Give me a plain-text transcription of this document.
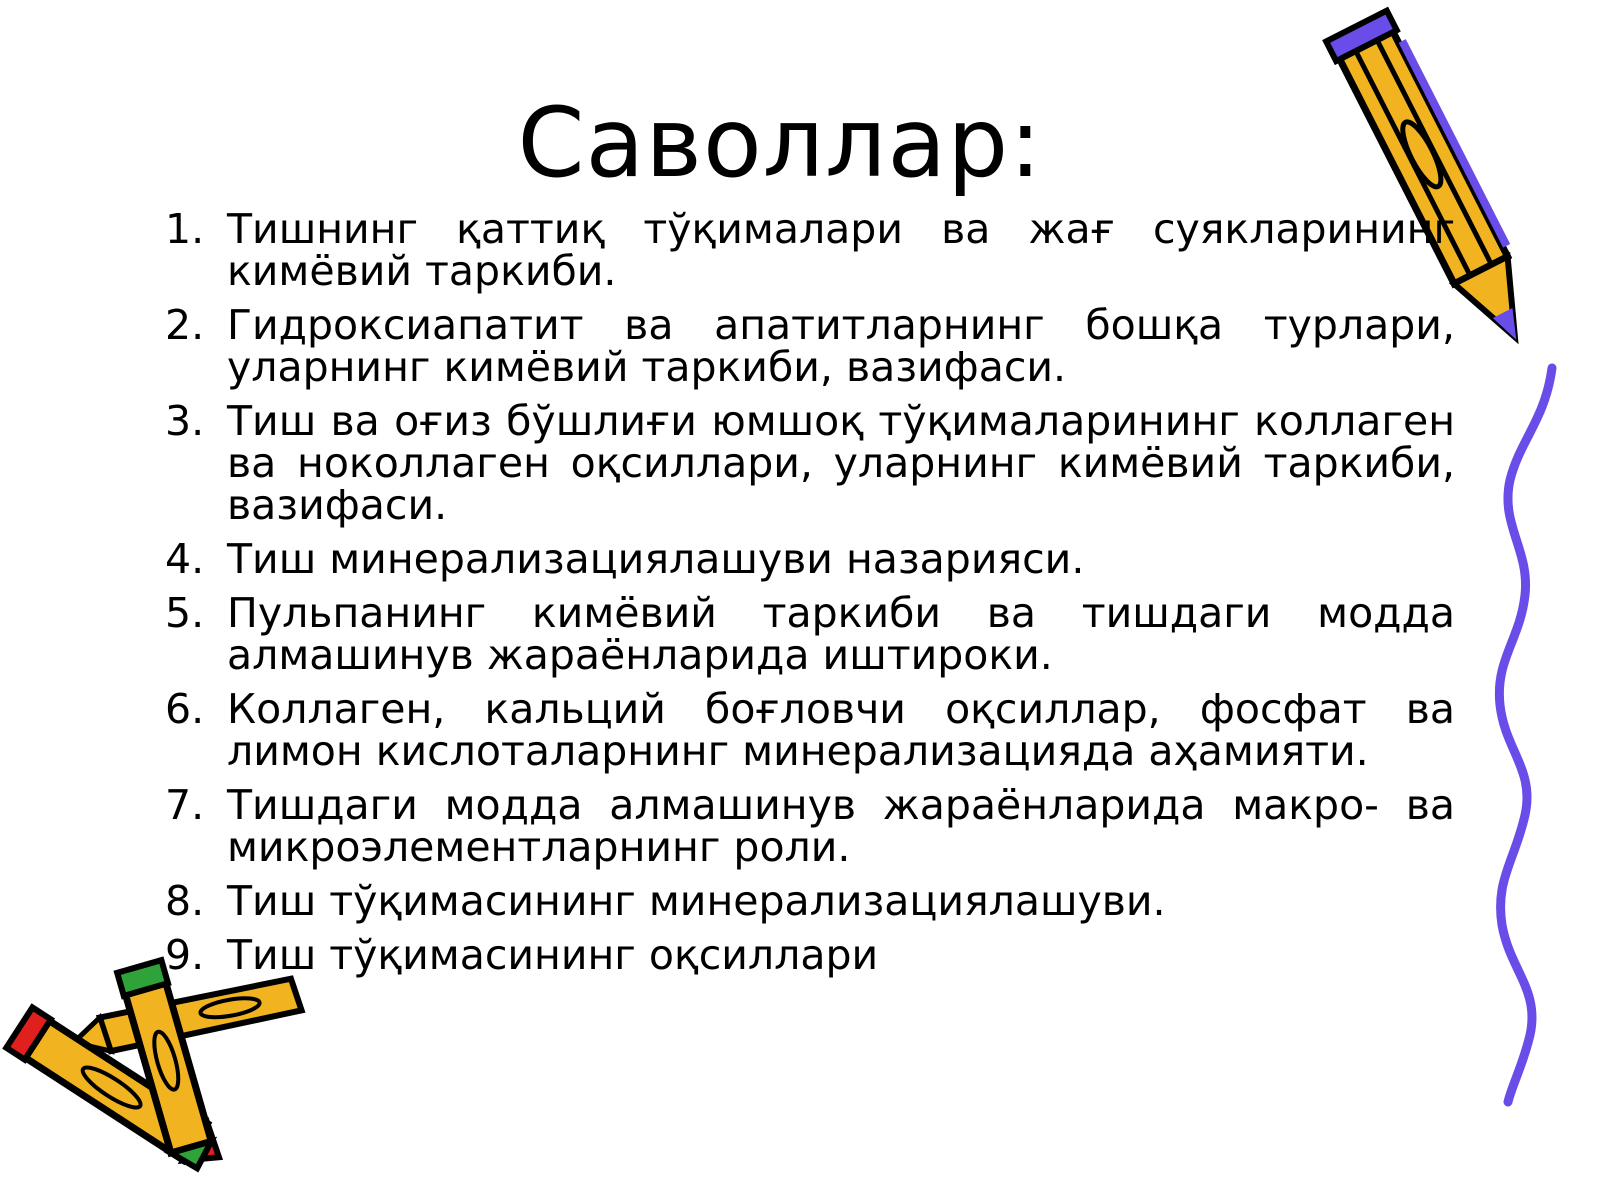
Саволлар:
1. Тишнинг қаттиқ тўқималари ва жағ суякларининг кимёвий таркиби.
2. Гидроксиапатит ва апатитларнинг бошқа турлари, уларнинг кимёвий таркиби, вазифаси.
3. Тиш ва оғиз бўшлиғи юмшоқ тўқималарининг коллаген ва ноколлаген оқсиллари, уларнинг кимёвий таркиби, вазифаси.
4. Тиш минерализациялашуви назарияси.
5. Пульпанинг кимёвий таркиби ва тишдаги модда алмашинув жараёнларида иштироки.
6. Коллаген, кальций боғловчи оқсиллар, фосфат ва лимон кислоталарнинг минерализацияда аҳамияти.
7. Тишдаги модда алмашинув жараёнларида макро- ва микроэлементларнинг роли.
8. Тиш тўқимасининг минерализациялашуви.
9. Тиш тўқимасининг оқсиллари
